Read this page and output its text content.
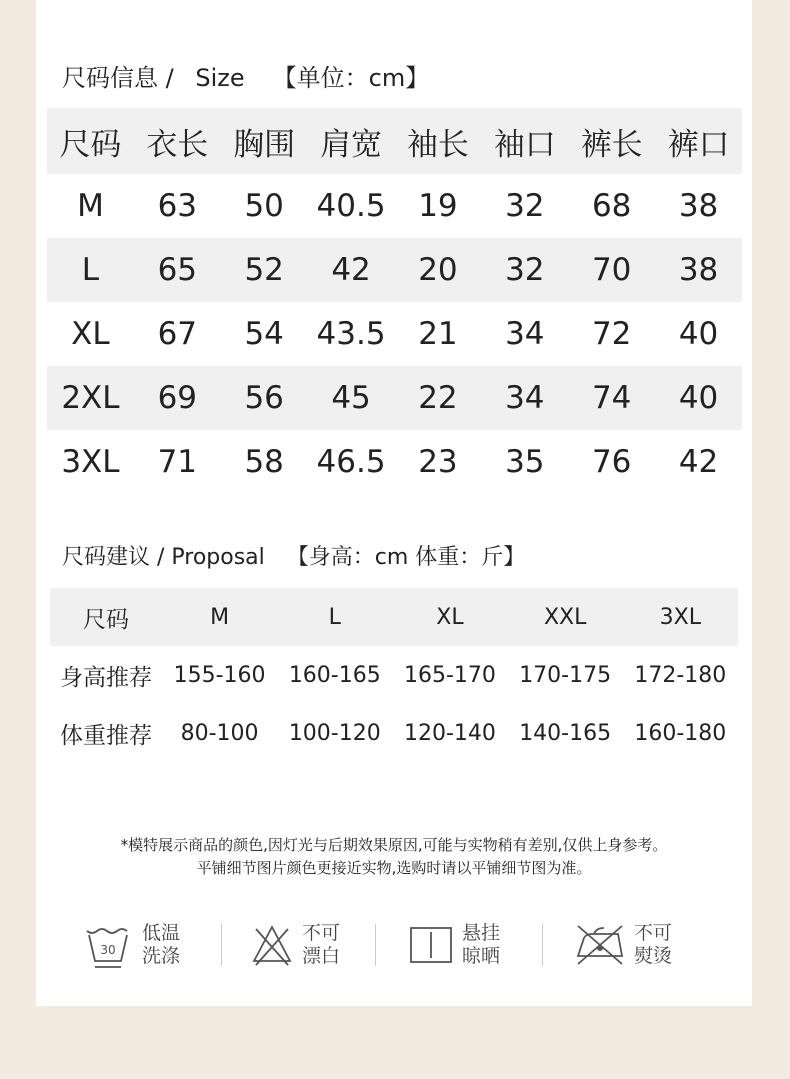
尺码信息 / Size 【单位：cm】
尺码 衣长 胸围 肩宽 袖长 袖口 裤长 裤口
M	63	50	40.5	19	32	68	38
L	65	52	42	20	32	70	38
XL	67	54	43.5	21	34	72	40
2XL	69	56	45	22	34	74	40
3XL	71	58	46.5	23	35	76	42
尺码建议 / Proposal 【身高：cm 体重：斤】
尺码	M	L	XL	XXL	3XL
身高推荐 155-160	160-165	165-170	170-175	172-180
体重推荐	80-100	100-120	120-140	140-165	160-180
*模特展示商品的颜色,因灯光与后期效果原因,可能与实物稍有差别,仅供上身参考。
平铺细节图片颜色更接近实物,选购时请以平铺细节图为准。
30
低温
洗涤
不可
漂白
悬挂
晾晒
不可
熨烫
